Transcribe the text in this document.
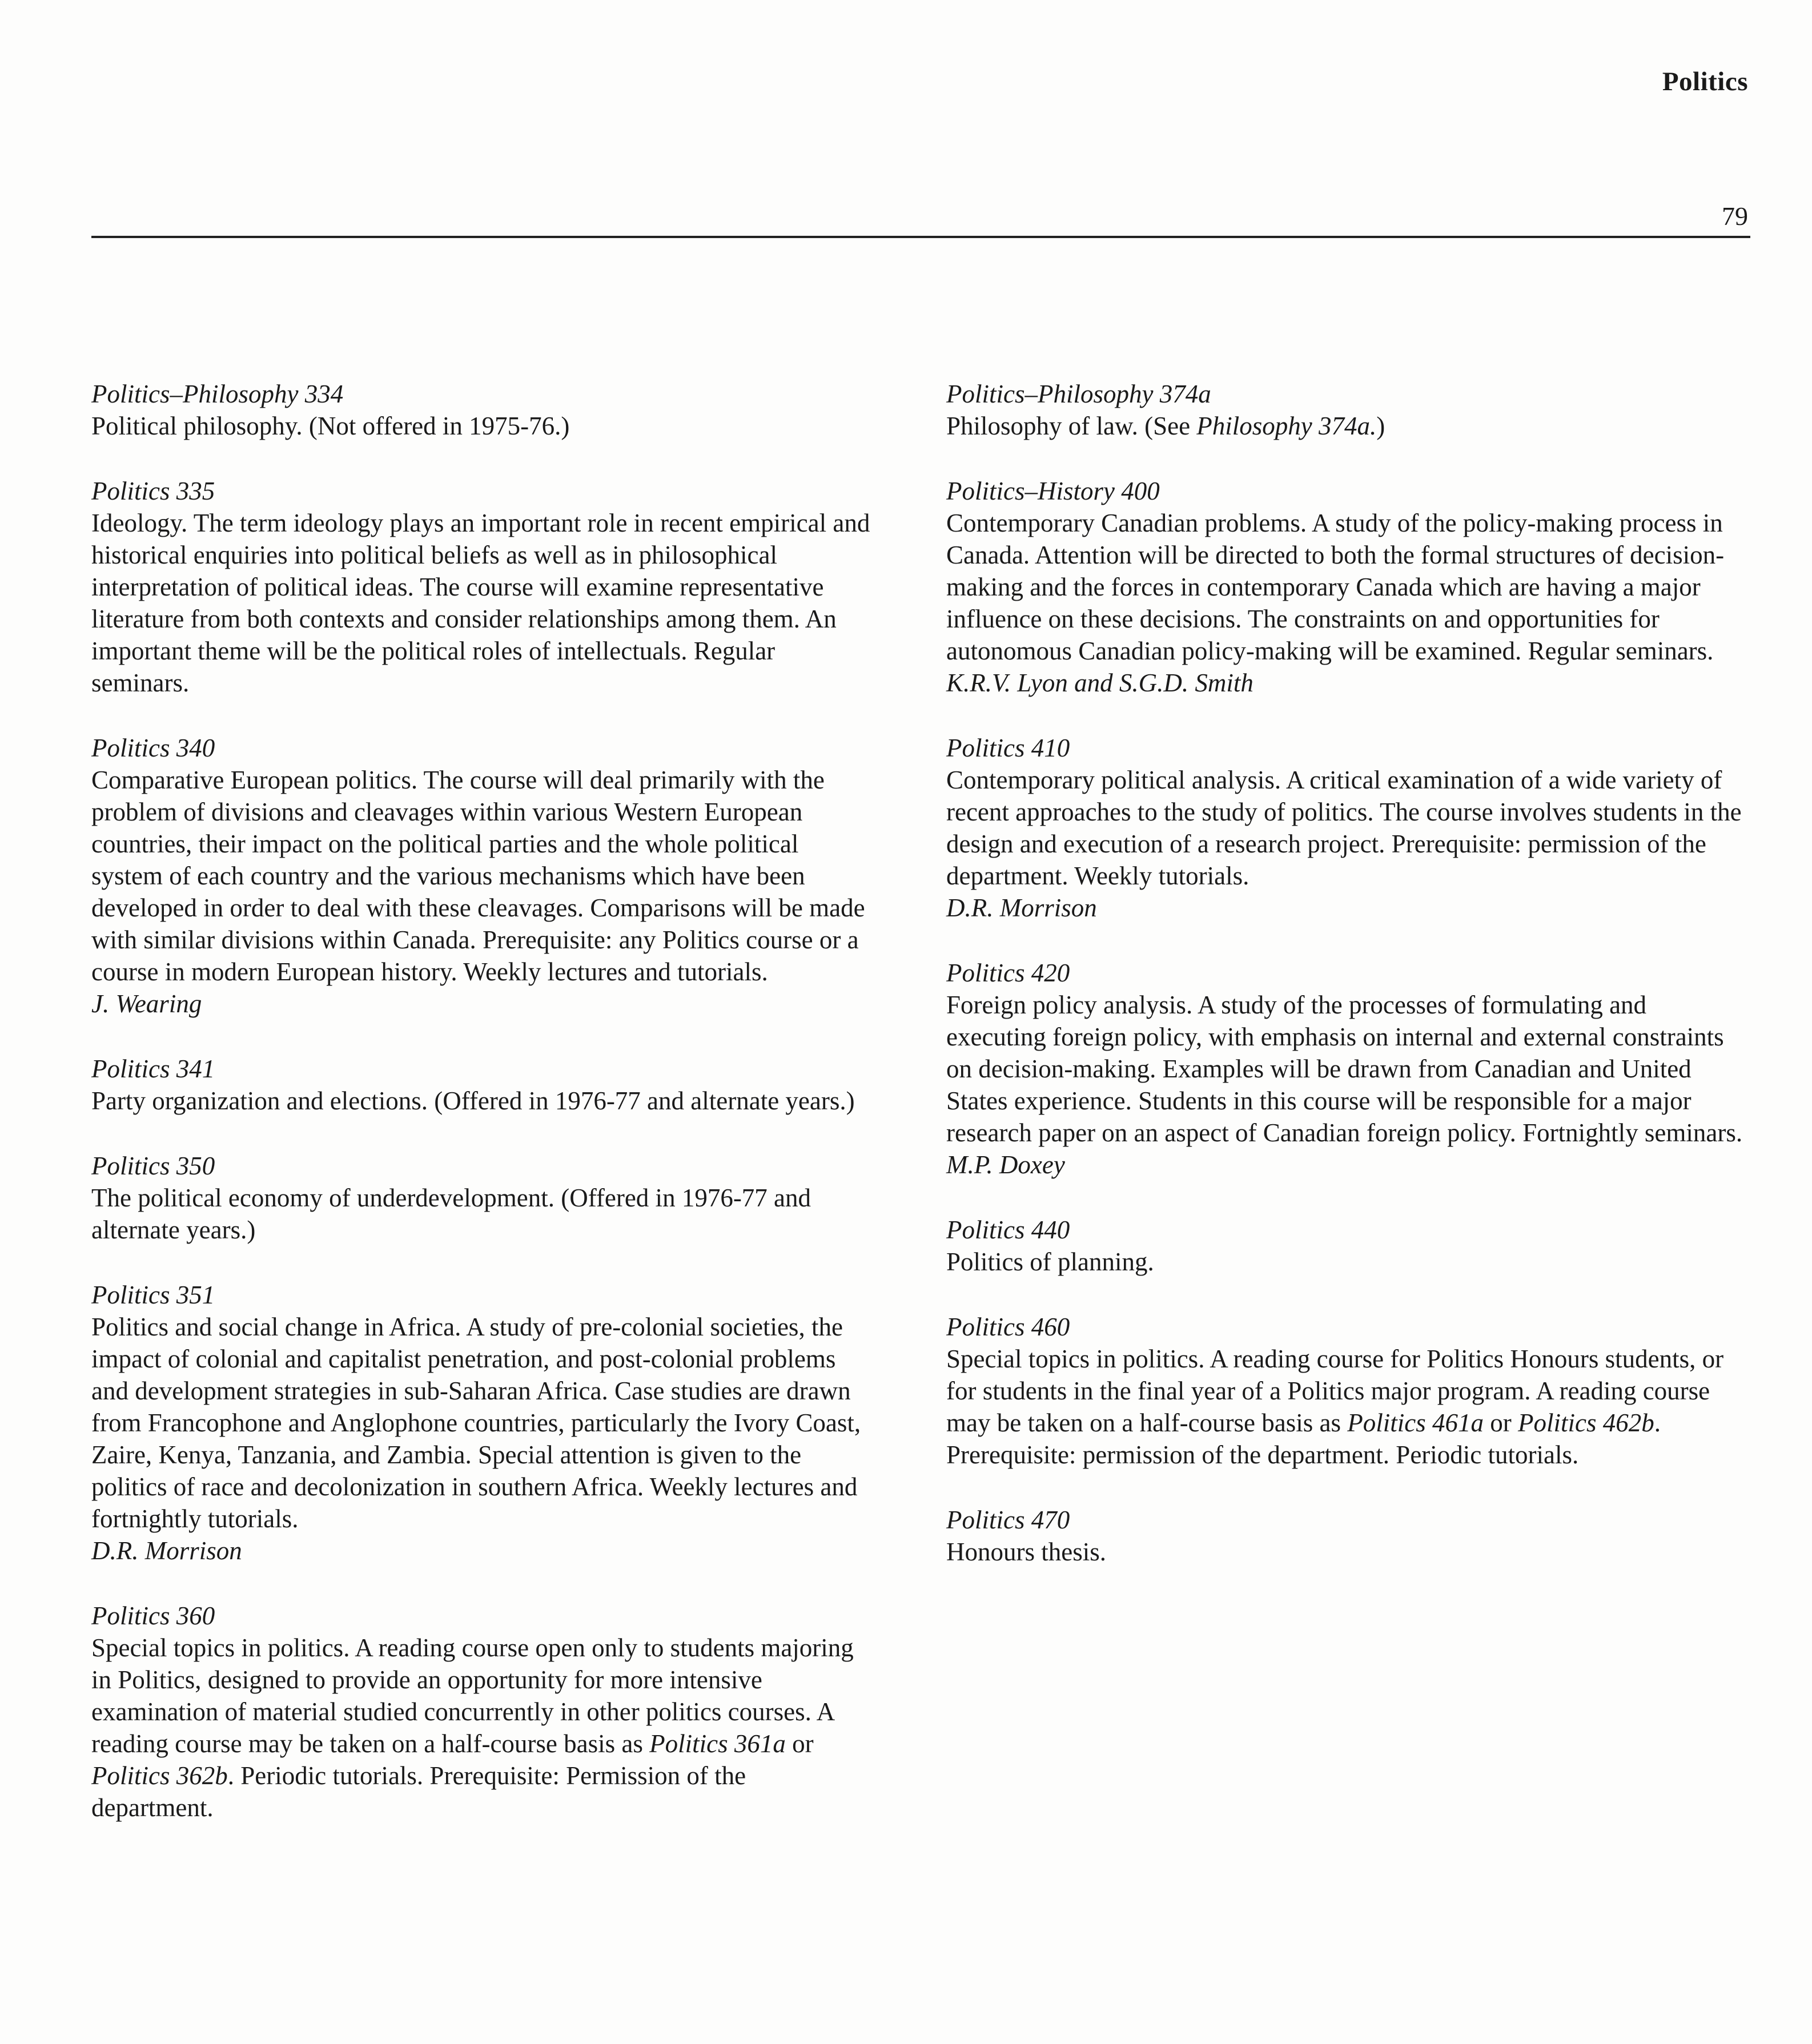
Politics
79
Politics–Philosophy 334
Political philosophy. (Not offered in 1975-76.)
Politics 335
Ideology. The term ideology plays an important role in recent empirical and historical enquiries into political beliefs as well as in philosophical interpretation of political ideas. The course will examine representative literature from both contexts and consider relationships among them. An important theme will be the political roles of intellectuals. Regular seminars.
Politics 340
Comparative European politics. The course will deal primarily with the problem of divisions and cleavages within various Western European countries, their impact on the political parties and the whole political system of each country and the various mechanisms which have been developed in order to deal with these cleavages. Comparisons will be made with similar divisions within Canada. Prerequisite: any Politics course or a course in modern European history. Weekly lectures and tutorials.
J. Wearing
Politics 341
Party organization and elections. (Offered in 1976-77 and alternate years.)
Politics 350
The political economy of underdevelopment. (Offered in 1976-77 and alternate years.)
Politics 351
Politics and social change in Africa. A study of pre-colonial societies, the impact of colonial and capitalist penetration, and post-colonial problems and development strategies in sub-Saharan Africa. Case studies are drawn from Francophone and Anglophone countries, particularly the Ivory Coast, Zaire, Kenya, Tanzania, and Zambia. Special attention is given to the politics of race and decolonization in southern Africa. Weekly lectures and fortnightly tutorials.
D.R. Morrison
Politics 360
Special topics in politics. A reading course open only to students majoring in Politics, designed to provide an opportunity for more intensive examination of material studied concurrently in other politics courses. A reading course may be taken on a half-course basis as Politics 361a or Politics 362b. Periodic tutorials. Prerequisite: Permission of the department.
Politics–Philosophy 374a
Philosophy of law. (See Philosophy 374a.)
Politics–History 400
Contemporary Canadian problems. A study of the policy-making process in Canada. Attention will be directed to both the formal structures of decision-making and the forces in contemporary Canada which are having a major influence on these decisions. The constraints on and opportunities for autonomous Canadian policy-making will be examined. Regular seminars.
K.R.V. Lyon and S.G.D. Smith
Politics 410
Contemporary political analysis. A critical examination of a wide variety of recent approaches to the study of politics. The course involves students in the design and execution of a research project. Prerequisite: permission of the department. Weekly tutorials.
D.R. Morrison
Politics 420
Foreign policy analysis. A study of the processes of formulating and executing foreign policy, with emphasis on internal and external constraints on decision-making. Examples will be drawn from Canadian and United States experience. Students in this course will be responsible for a major research paper on an aspect of Canadian foreign policy. Fortnightly seminars.
M.P. Doxey
Politics 440
Politics of planning.
Politics 460
Special topics in politics. A reading course for Politics Honours students, or for students in the final year of a Politics major program. A reading course may be taken on a half-course basis as Politics 461a or Politics 462b. Prerequisite: permission of the department. Periodic tutorials.
Politics 470
Honours thesis.
